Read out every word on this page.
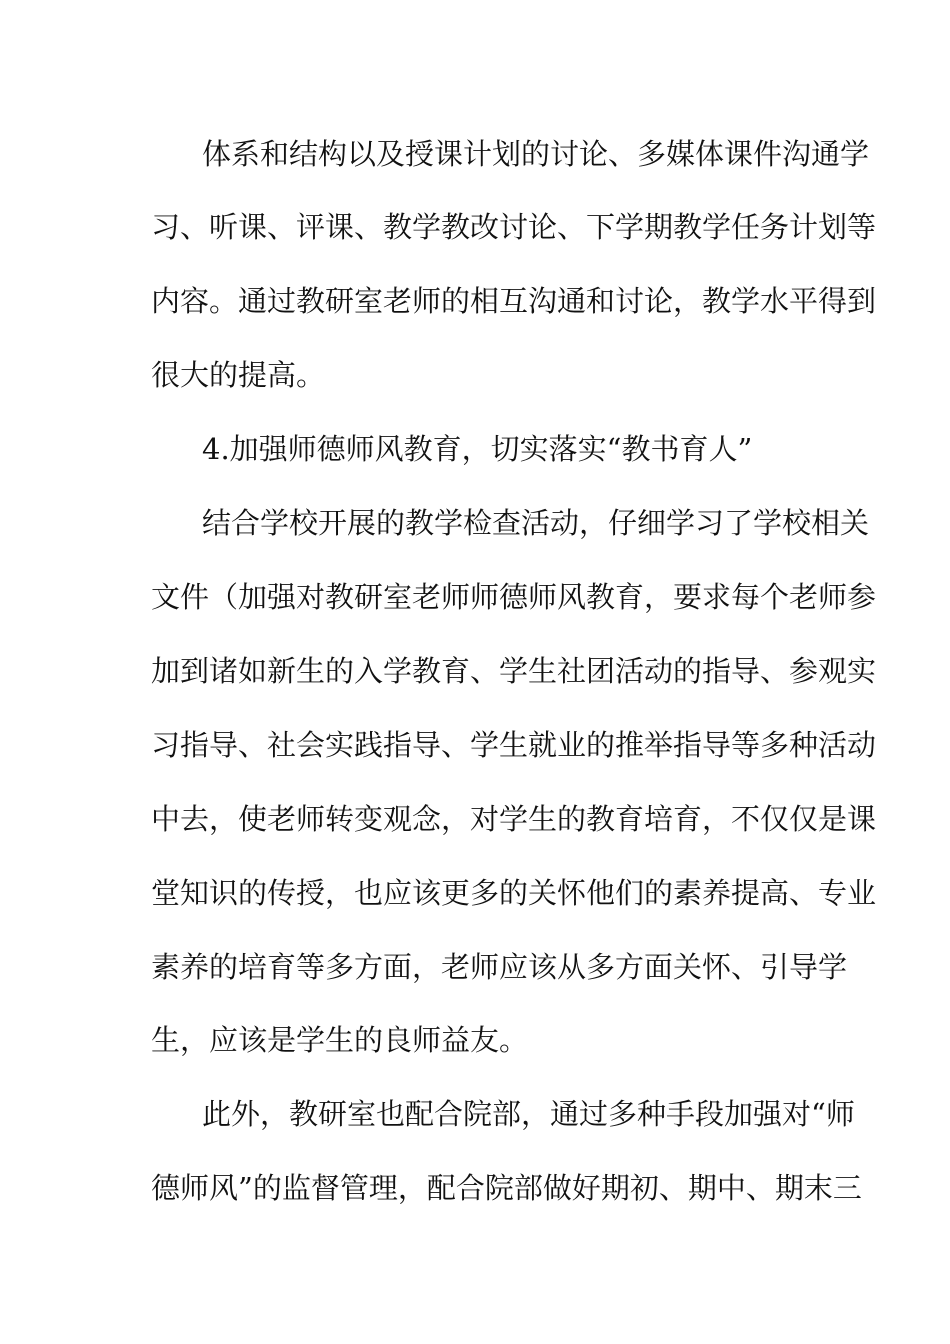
体系和结构以及授课计划的讨论、多媒体课件沟通学
习、听课、评课、教学教改讨论、下学期教学任务计划等
内容。通过教研室老师的相互沟通和讨论，教学水平得到
很大的提高。
4.加强师德师风教育，切实落实“教书育人”
结合学校开展的教学检查活动，仔细学习了学校相关
文件（加强对教研室老师师德师风教育，要求每个老师参
加到诸如新生的入学教育、学生社团活动的指导、参观实
习指导、社会实践指导、学生就业的推举指导等多种活动
中去，使老师转变观念，对学生的教育培育，不仅仅是课
堂知识的传授，也应该更多的关怀他们的素养提高、专业
素养的培育等多方面，老师应该从多方面关怀、引导学
生，应该是学生的良师益友。
此外，教研室也配合院部，通过多种手段加强对“师
德师风”的监督管理，配合院部做好期初、期中、期末三
